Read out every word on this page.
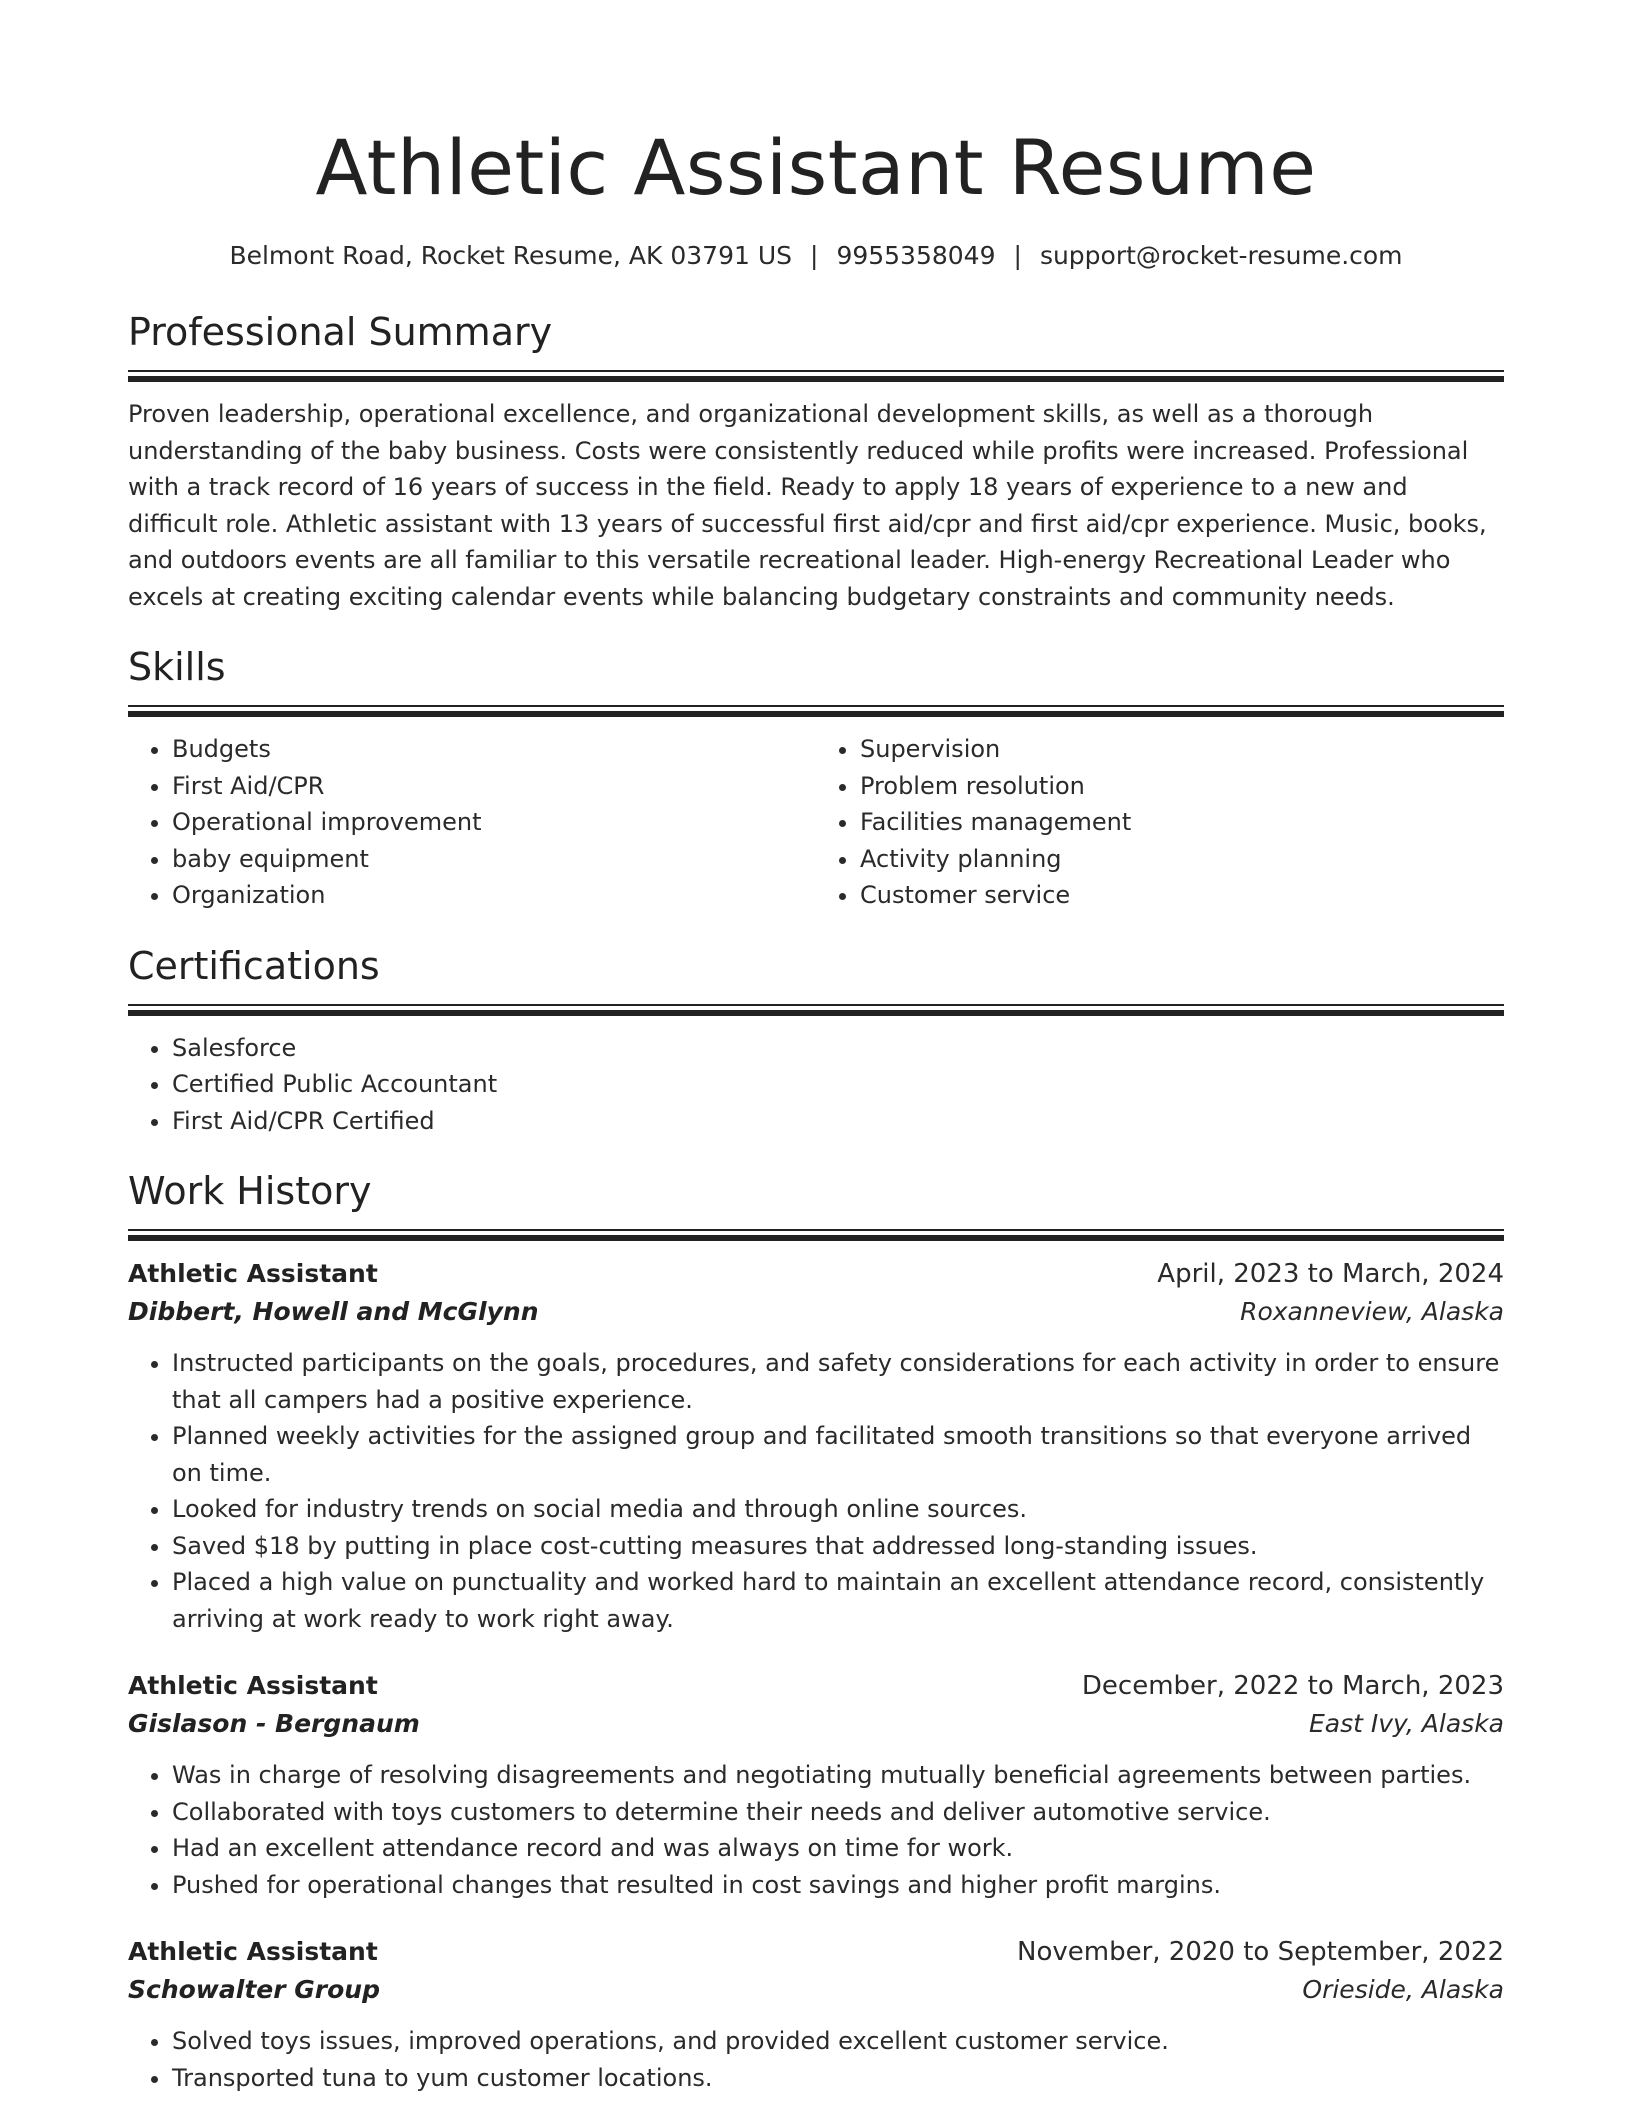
Athletic Assistant Resume
Belmont Road, Rocket Resume, AK 03791 US | 9955358049 | support@rocket-resume.com
Professional Summary

Proven leadership, operational excellence, and organizational development skills, as well as a thorough understanding of the baby business. Costs were consistently reduced while profits were increased. Professional with a track record of 16 years of success in the field. Ready to apply 18 years of experience to a new and difficult role. Athletic assistant with 13 years of successful first aid/cpr and first aid/cpr experience. Music, books, and outdoors events are all familiar to this versatile recreational leader. High-energy Recreational Leader who excels at creating exciting calendar events while balancing budgetary constraints and community needs.

Skills
• Budgets
• First Aid/CPR
• Operational improvement
• baby equipment
• Organization
• Supervision
• Problem resolution
• Facilities management
• Activity planning
• Customer service
Certifications
• Salesforce
• Certified Public Accountant
• First Aid/CPR Certified
Work History
Athletic Assistant	April, 2023 to March, 2024
Dibbert, Howell and McGlynn	Roxanneview, Alaska
• Instructed participants on the goals, procedures, and safety considerations for each activity in order to ensure that all campers had a positive experience.
• Planned weekly activities for the assigned group and facilitated smooth transitions so that everyone arrived on time.
• Looked for industry trends on social media and through online sources.
• Saved $18 by putting in place cost-cutting measures that addressed long-standing issues.
• Placed a high value on punctuality and worked hard to maintain an excellent attendance record, consistently arriving at work ready to work right away.
Athletic Assistant	December, 2022 to March, 2023
Gislason - Bergnaum	East Ivy, Alaska
• Was in charge of resolving disagreements and negotiating mutually beneficial agreements between parties.
• Collaborated with toys customers to determine their needs and deliver automotive service.
• Had an excellent attendance record and was always on time for work.
• Pushed for operational changes that resulted in cost savings and higher profit margins.
Athletic Assistant	November, 2020 to September, 2022
Schowalter Group	Orieside, Alaska
• Solved toys issues, improved operations, and provided excellent customer service.
• Transported tuna to yum customer locations.
